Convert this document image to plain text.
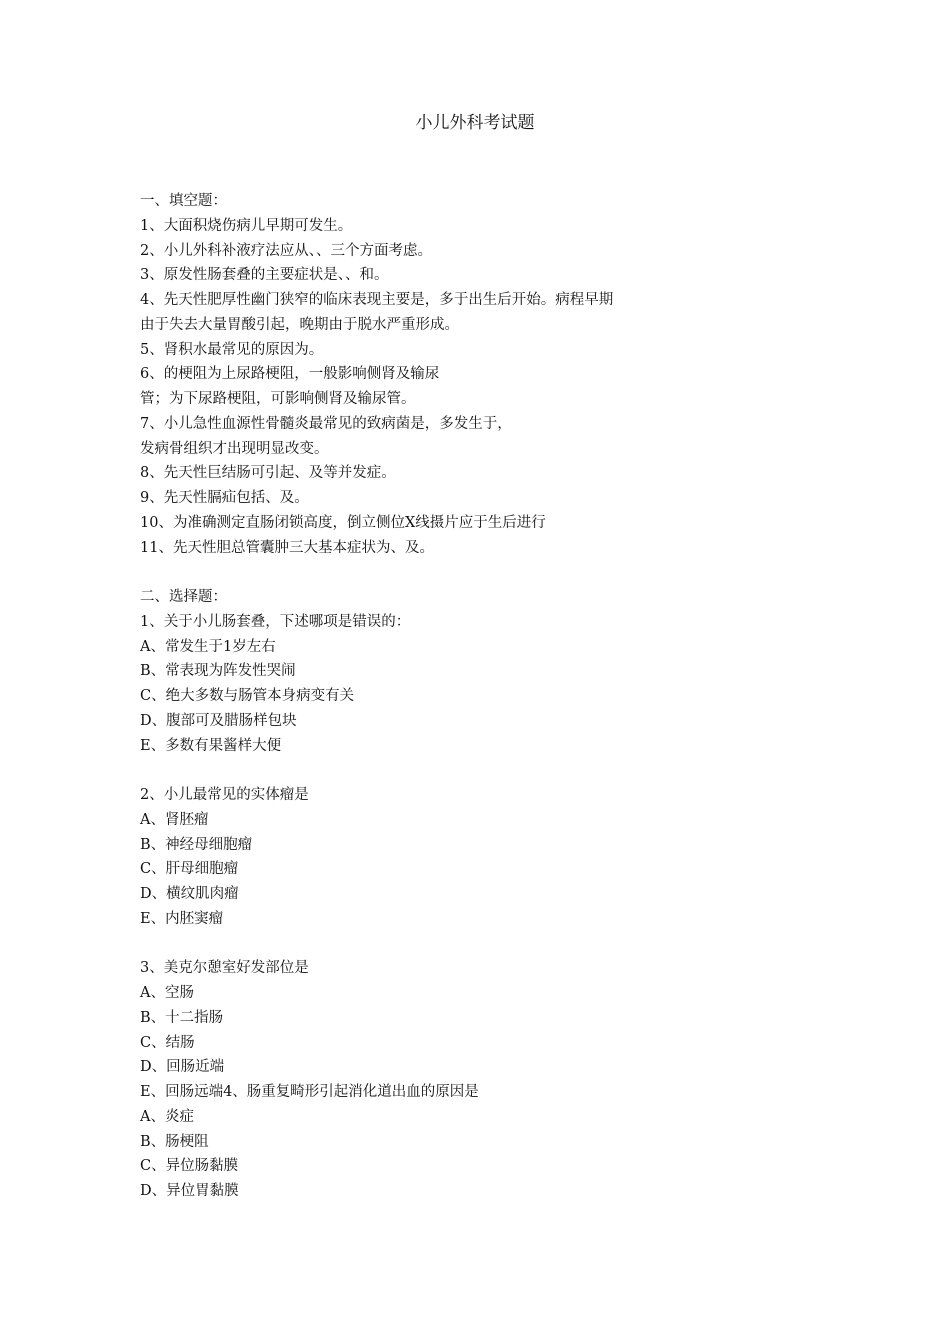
小儿外科考试题
一、填空题：
1、大面积烧伤病儿早期可发生。
2、小儿外科补液疗法应从、、三个方面考虑。
3、原发性肠套叠的主要症状是、、和。
4、先天性肥厚性幽门狭窄的临床表现主要是，多于出生后开始。病程早期
由于失去大量胃酸引起，晚期由于脱水严重形成。
5、肾积水最常见的原因为。
6、的梗阻为上尿路梗阻，一般影响侧肾及输尿
管；为下尿路梗阻，可影响侧肾及输尿管。
7、小儿急性血源性骨髓炎最常见的致病菌是，多发生于，
发病骨组织才出现明显改变。
8、先天性巨结肠可引起、及等并发症。
9、先天性膈疝包括、及。
10、为准确测定直肠闭锁高度，倒立侧位X线摄片应于生后进行
11、先天性胆总管囊肿三大基本症状为、及。
二、选择题：
1、关于小儿肠套叠，下述哪项是错误的：
A、常发生于1岁左右
B、常表现为阵发性哭闹
C、绝大多数与肠管本身病变有关
D、腹部可及腊肠样包块
E、多数有果酱样大便
2、小儿最常见的实体瘤是
A、肾胚瘤
B、神经母细胞瘤
C、肝母细胞瘤
D、横纹肌肉瘤
E、内胚窦瘤
3、美克尔憩室好发部位是
A、空肠
B、十二指肠
C、结肠
D、回肠近端
E、回肠远端4、肠重复畸形引起消化道出血的原因是
A、炎症
B、肠梗阻
C、异位肠黏膜
D、异位胃黏膜
